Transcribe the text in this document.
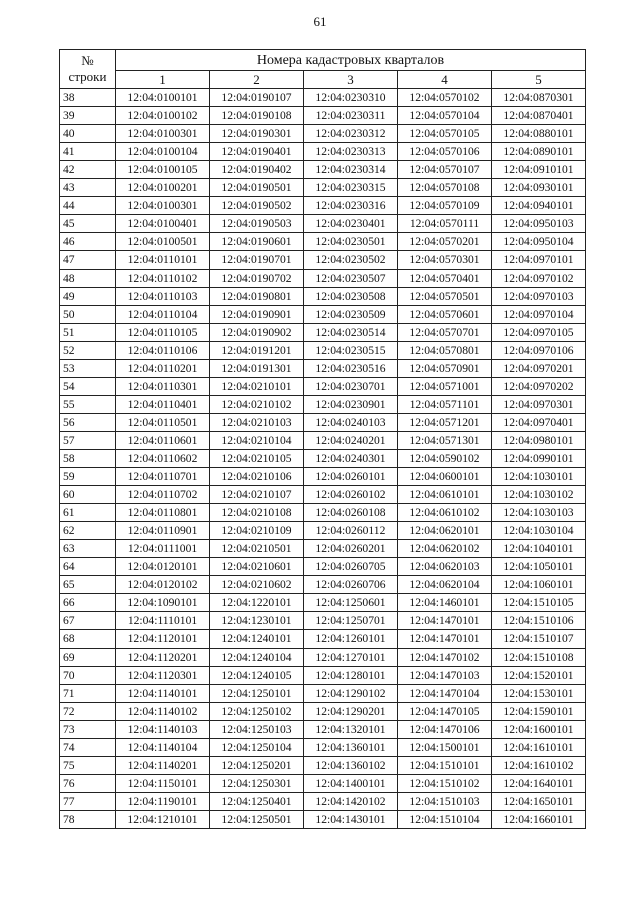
61
№
строки	Номера кадастровых кварталов				
	1	2	3	4	5
38	12:04:0100101	12:04:0190107	12:04:0230310	12:04:0570102	12:04:0870301
39	12:04:0100102	12:04:0190108	12:04:0230311	12:04:0570104	12:04:0870401
40	12:04:0100301	12:04:0190301	12:04:0230312	12:04:0570105	12:04:0880101
41	12:04:0100104	12:04:0190401	12:04:0230313	12:04:0570106	12:04:0890101
42	12:04:0100105	12:04:0190402	12:04:0230314	12:04:0570107	12:04:0910101
43	12:04:0100201	12:04:0190501	12:04:0230315	12:04:0570108	12:04:0930101
44	12:04:0100301	12:04:0190502	12:04:0230316	12:04:0570109	12:04:0940101
45	12:04:0100401	12:04:0190503	12:04:0230401	12:04:0570111	12:04:0950103
46	12:04:0100501	12:04:0190601	12:04:0230501	12:04:0570201	12:04:0950104
47	12:04:0110101	12:04:0190701	12:04:0230502	12:04:0570301	12:04:0970101
48	12:04:0110102	12:04:0190702	12:04:0230507	12:04:0570401	12:04:0970102
49	12:04:0110103	12:04:0190801	12:04:0230508	12:04:0570501	12:04:0970103
50	12:04:0110104	12:04:0190901	12:04:0230509	12:04:0570601	12:04:0970104
51	12:04:0110105	12:04:0190902	12:04:0230514	12:04:0570701	12:04:0970105
52	12:04:0110106	12:04:0191201	12:04:0230515	12:04:0570801	12:04:0970106
53	12:04:0110201	12:04:0191301	12:04:0230516	12:04:0570901	12:04:0970201
54	12:04:0110301	12:04:0210101	12:04:0230701	12:04:0571001	12:04:0970202
55	12:04:0110401	12:04:0210102	12:04:0230901	12:04:0571101	12:04:0970301
56	12:04:0110501	12:04:0210103	12:04:0240103	12:04:0571201	12:04:0970401
57	12:04:0110601	12:04:0210104	12:04:0240201	12:04:0571301	12:04:0980101
58	12:04:0110602	12:04:0210105	12:04:0240301	12:04:0590102	12:04:0990101
59	12:04:0110701	12:04:0210106	12:04:0260101	12:04:0600101	12:04:1030101
60	12:04:0110702	12:04:0210107	12:04:0260102	12:04:0610101	12:04:1030102
61	12:04:0110801	12:04:0210108	12:04:0260108	12:04:0610102	12:04:1030103
62	12:04:0110901	12:04:0210109	12:04:0260112	12:04:0620101	12:04:1030104
63	12:04:0111001	12:04:0210501	12:04:0260201	12:04:0620102	12:04:1040101
64	12:04:0120101	12:04:0210601	12:04:0260705	12:04:0620103	12:04:1050101
65	12:04:0120102	12:04:0210602	12:04:0260706	12:04:0620104	12:04:1060101
66	12:04:1090101	12:04:1220101	12:04:1250601	12:04:1460101	12:04:1510105
67	12:04:1110101	12:04:1230101	12:04:1250701	12:04:1470101	12:04:1510106
68	12:04:1120101	12:04:1240101	12:04:1260101	12:04:1470101	12:04:1510107
69	12:04:1120201	12:04:1240104	12:04:1270101	12:04:1470102	12:04:1510108
70	12:04:1120301	12:04:1240105	12:04:1280101	12:04:1470103	12:04:1520101
71	12:04:1140101	12:04:1250101	12:04:1290102	12:04:1470104	12:04:1530101
72	12:04:1140102	12:04:1250102	12:04:1290201	12:04:1470105	12:04:1590101
73	12:04:1140103	12:04:1250103	12:04:1320101	12:04:1470106	12:04:1600101
74	12:04:1140104	12:04:1250104	12:04:1360101	12:04:1500101	12:04:1610101
75	12:04:1140201	12:04:1250201	12:04:1360102	12:04:1510101	12:04:1610102
76	12:04:1150101	12:04:1250301	12:04:1400101	12:04:1510102	12:04:1640101
77	12:04:1190101	12:04:1250401	12:04:1420102	12:04:1510103	12:04:1650101
78	12:04:1210101	12:04:1250501	12:04:1430101	12:04:1510104	12:04:1660101
